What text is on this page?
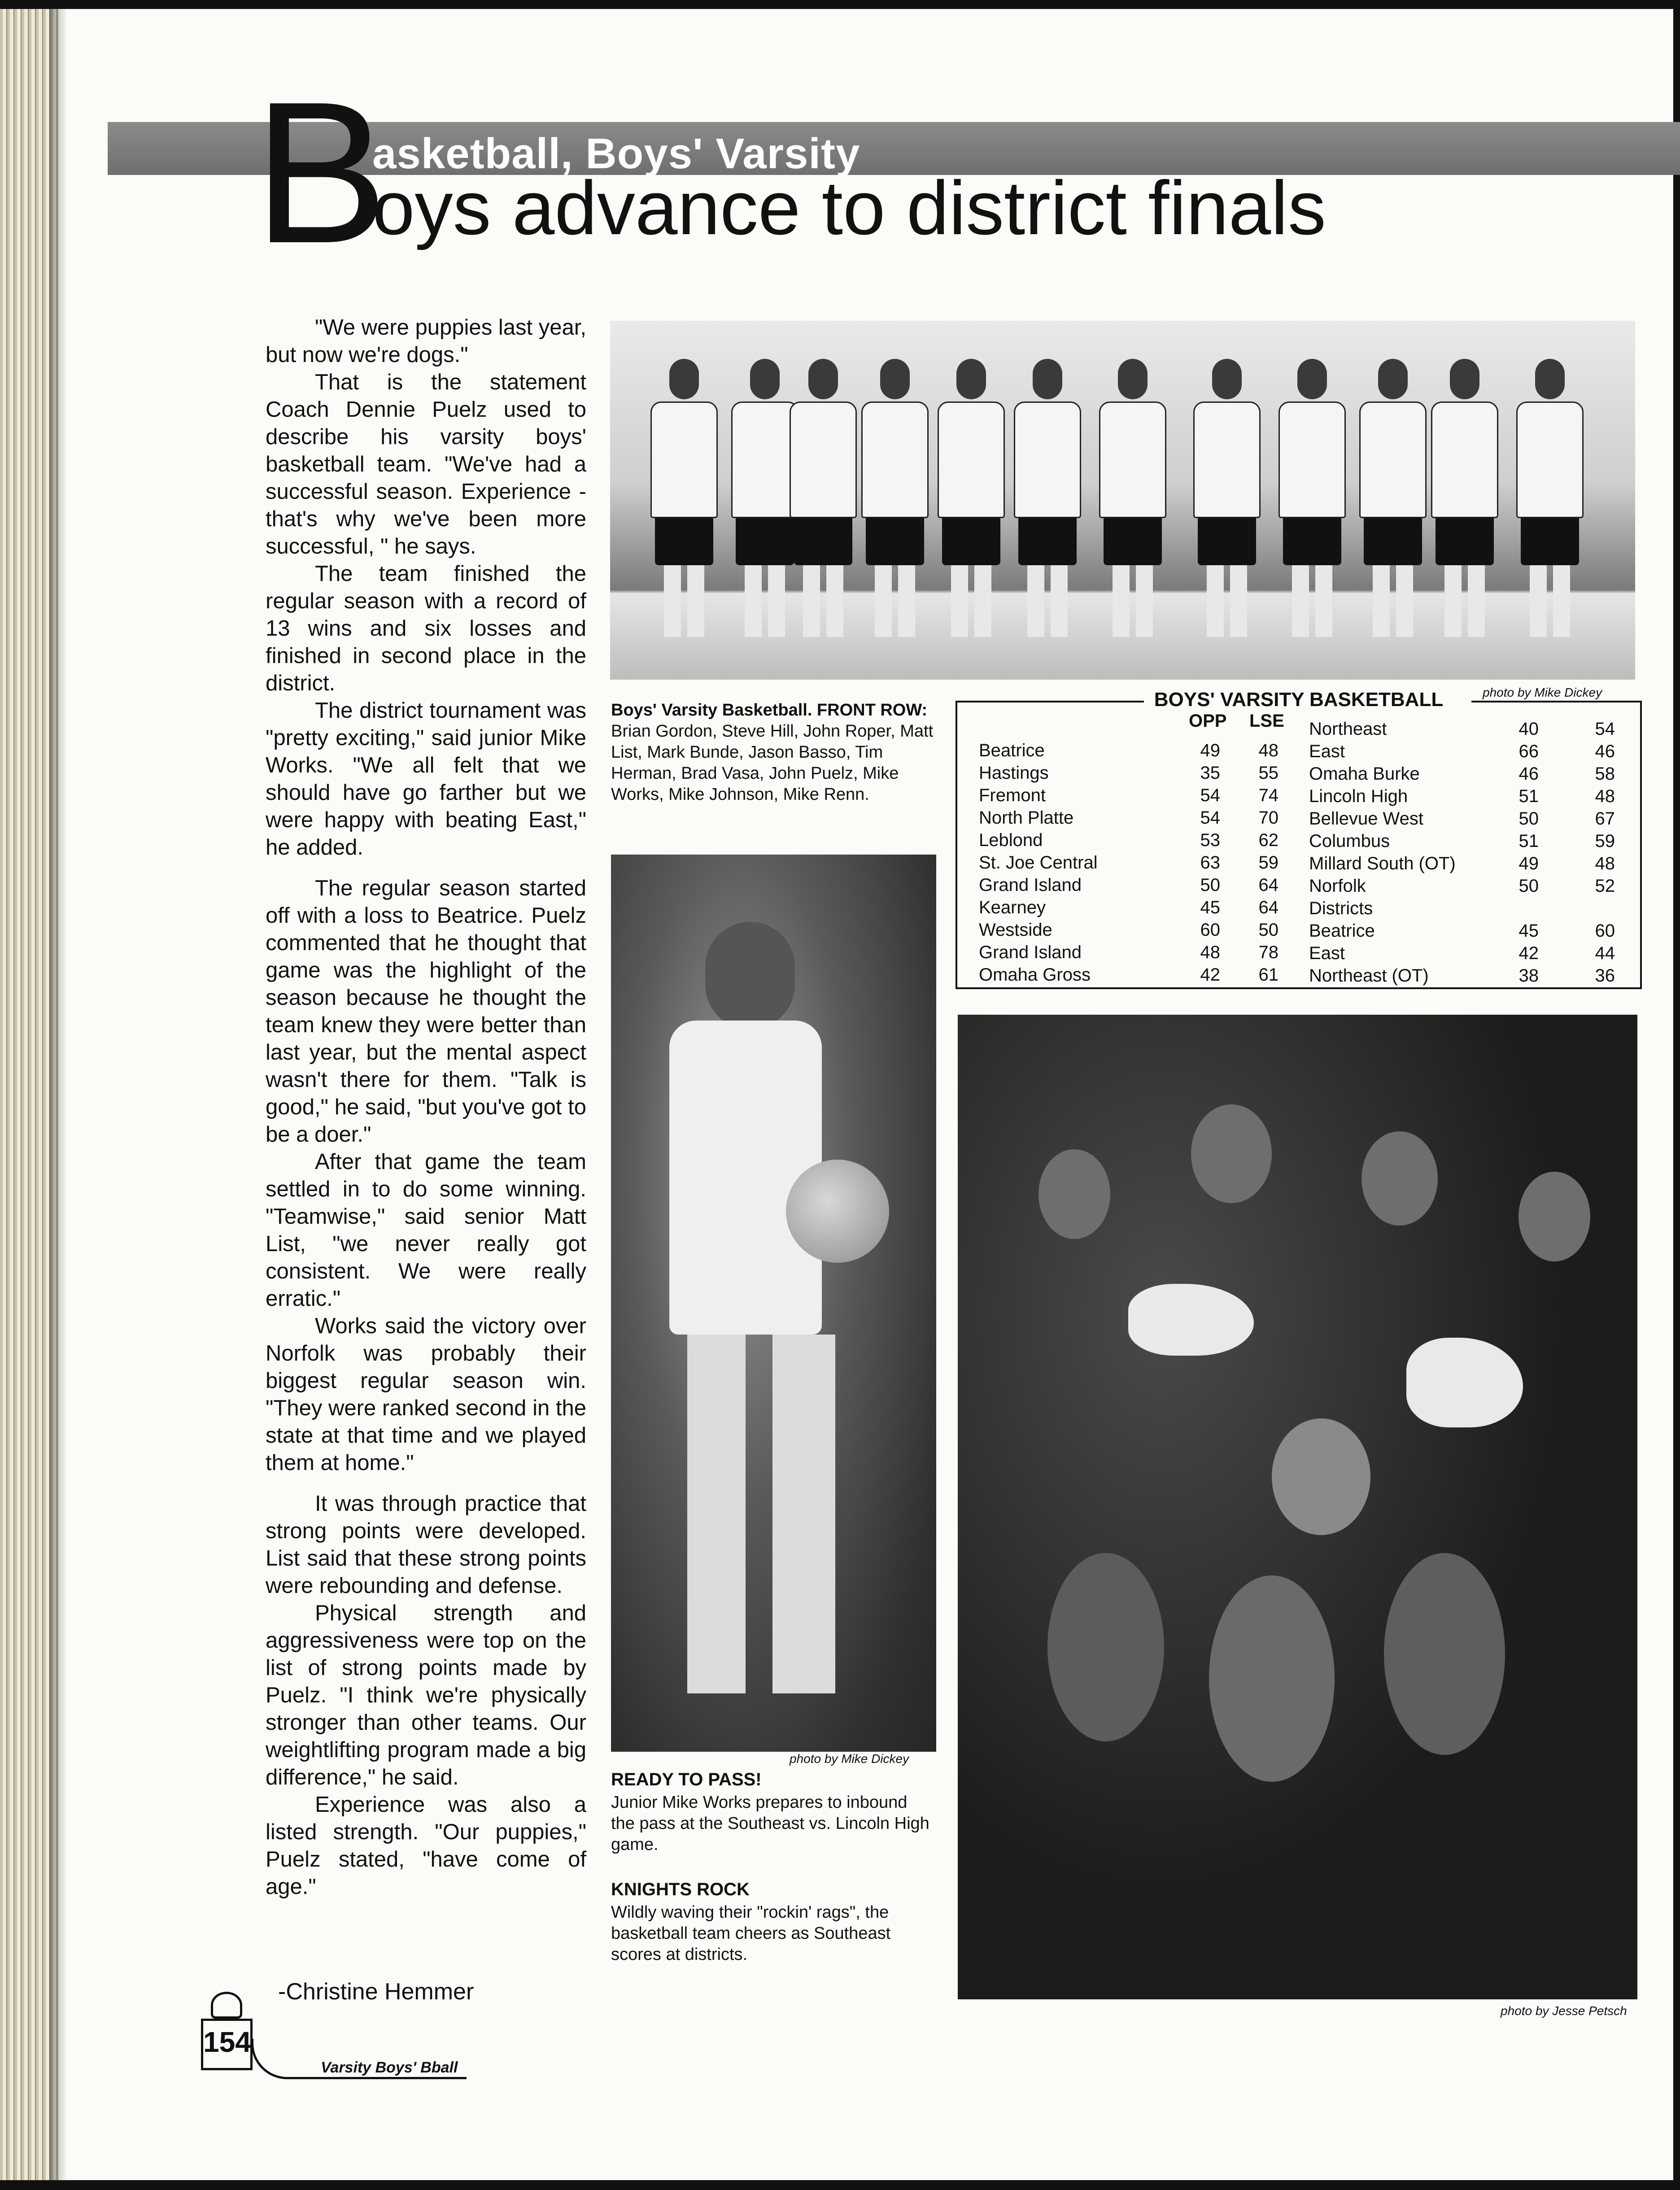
asketball, Boys' Varsity
B
oys advance to district finals

"We were puppies last year, but now we're dogs."

That is the statement Coach Dennie Puelz used to describe his varsity boys' basketball team. "We've had a successful season. Experience - that's why we've been more successful, " he says.

The team finished the regular season with a record of 13 wins and six losses and finished in second place in the district.

The district tournament was "pretty exciting," said junior Mike Works. "We all felt that we should have go farther but we were happy with beating East," he added.

The regular season started off with a loss to Beatrice. Puelz commented that he thought that game was the highlight of the season because he thought the team knew they were better than last year, but the mental aspect wasn't there for them. "Talk is good," he said, "but you've got to be a doer."

After that game the team settled in to do some winning. "Teamwise," said senior Matt List, "we never really got consistent. We were really erratic."

Works said the victory over Norfolk was probably their biggest regular season win. "They were ranked second in the state at that time and we played them at home."

It was through practice that strong points were developed. List said that these strong points were rebounding and defense.

Physical strength and aggressiveness were top on the list of strong points made by Puelz. "I think we're physically stronger than other teams. Our weightlifting program made a big difference," he said.

Experience was also a listed strength. "Our puppies," Puelz stated, "have come of age."

-Christine Hemmer
photo by Mike Dickey
Boys' Varsity Basketball. FRONT ROW: Brian Gordon, Steve Hill, John Roper, Matt List, Mark Bunde, Jason Basso, Tim Herman, Brad Vasa, John Puelz, Mike Works, Mike Johnson, Mike Renn.
BOYS' VARSITY BASKETBALL
OPP LSE
Beatrice	49	48
Hastings	35	55
Fremont	54	74
North Platte	54	70
Leblond	53	62
St. Joe Central	63	59
Grand Island	50	64
Kearney	45	64
Westside	60	50
Grand Island	48	78
Omaha Gross	42	61
Northeast	40	54
East	66	46
Omaha Burke	46	58
Lincoln High	51	48
Bellevue West	50	67
Columbus	51	59
Millard South (OT)	49	48
Norfolk	50	52
Districts
Beatrice	45	60
East	42	44
Northeast (OT)	38	36
photo by Mike Dickey
READY TO PASS!
Junior Mike Works prepares to inbound the pass at the Southeast vs. Lincoln High game.
KNIGHTS ROCK
Wildly waving their "rockin' rags", the basketball team cheers as Southeast scores at districts.
photo by Jesse Petsch
154
Varsity Boys' Bball
